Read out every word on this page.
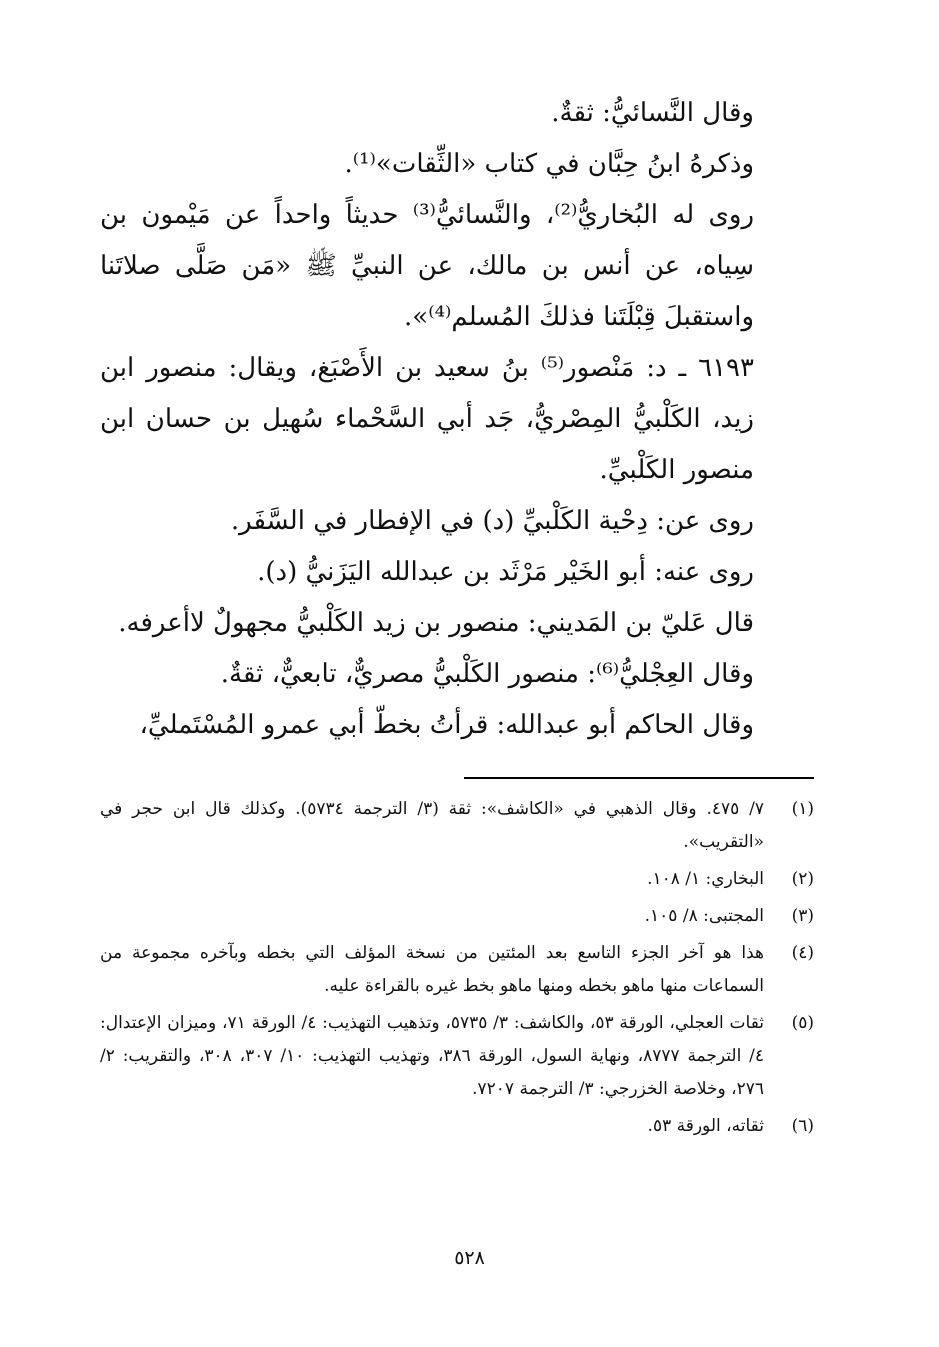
وقال النَّسائيُّ: ثقةٌ.

وذكرهُ ابنُ حِبَّان في كتاب «الثِّقات»⁽¹⁾.

روى له البُخاريُّ⁽²⁾، والنَّسائيُّ⁽³⁾ حديثاً واحداً عن مَيْمون بن سِياه، عن أنس بن مالك، عن النبيِّ ﷺ «مَن صَلَّى صلاتَنا واستقبلَ قِبْلَتَنا فذلكَ المُسلم⁽⁴⁾».

٦١٩٣ ـ د: مَنْصور⁽⁵⁾ بنُ سعيد بن الأَصْبَغ، ويقال: منصور ابن زيد، الكَلْبيُّ المِصْريُّ، جَد أبي السَّحْماء سُهيل بن حسان ابن منصور الكَلْبيِّ.

روى عن: دِحْية الكَلْبيِّ (د) في الإفطار في السَّفَر.

روى عنه: أبو الخَيْر مَرْثَد بن عبدالله اليَزَنيُّ (د).

قال عَليّ بن المَديني: منصور بن زيد الكَلْبيُّ مجهولٌ لاأعرفه.

وقال العِجْليُّ⁽⁶⁾: منصور الكَلْبيُّ مصريٌّ، تابعيٌّ، ثقةٌ.

وقال الحاكم أبو عبدالله: قرأتُ بخطّ أبي عمرو المُسْتَمليِّ،

(١)
٧/ ٤٧٥. وقال الذهبي في «الكاشف»: ثقة (٣/ الترجمة ٥٧٣٤). وكذلك قال ابن حجر في «التقريب».
(٢)
البخاري: ١/ ١٠٨.
(٣)
المجتبى: ٨/ ١٠٥.
(٤)
هذا هو آخر الجزء التاسع بعد المئتين من نسخة المؤلف التي بخطه وبآخره مجموعة من السماعات منها ماهو بخطه ومنها ماهو بخط غيره بالقراءة عليه.
(٥)
ثقات العجلي، الورقة ٥٣، والكاشف: ٣/ ٥٧٣٥، وتذهيب التهذيب: ٤/ الورقة ٧١، وميزان الإعتدال: ٤/ الترجمة ٨٧٧٧، ونهاية السول، الورقة ٣٨٦، وتهذيب التهذيب: ١٠/ ٣٠٧، ٣٠٨، والتقريب: ٢/ ٢٧٦، وخلاصة الخزرجي: ٣/ الترجمة ٧٢٠٧.
(٦)
ثقاته، الورقة ٥٣.
٥٢٨
